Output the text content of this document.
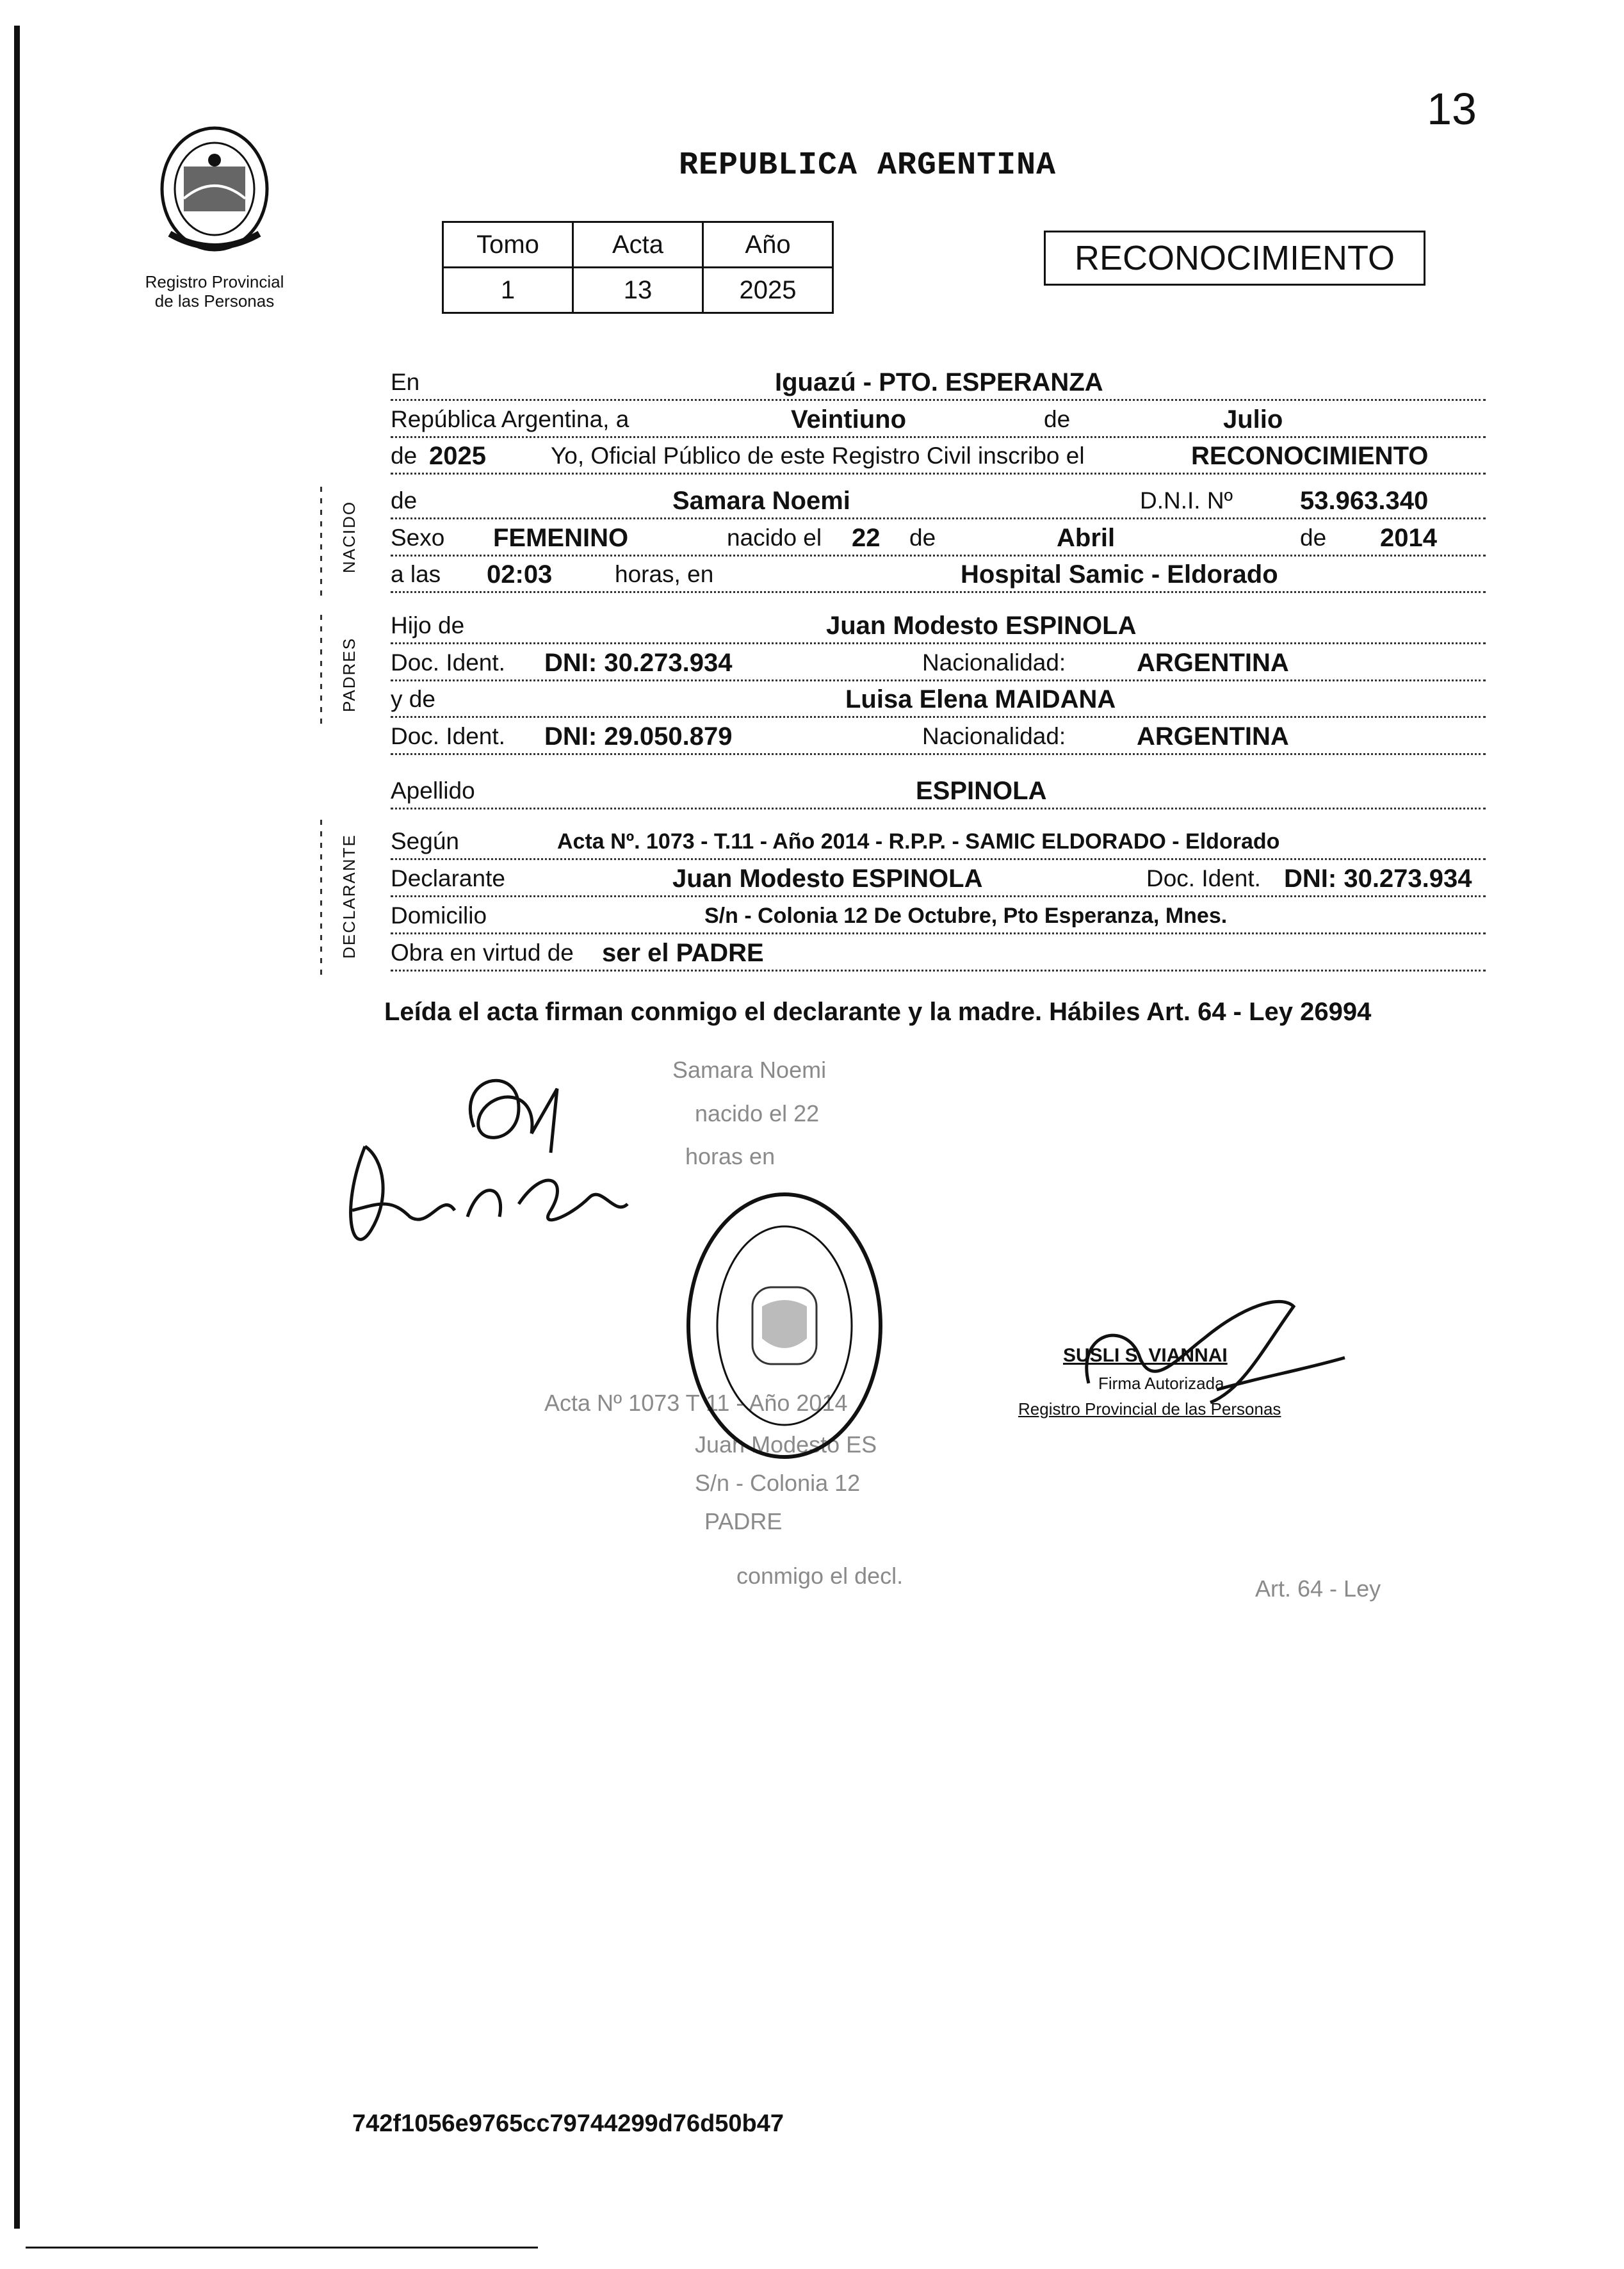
13
Registro Provincial
de las Personas
REPUBLICA ARGENTINA
Tomo	Acta	Año
1	13	2025
RECONOCIMIENTO
NACIDO
PADRES
DECLARANTE
En	Iguazú - PTO. ESPERANZA
República Argentina, a	Veintiuno	de	Julio
de 2025	Yo, Oficial Público de este Registro Civil inscribo el	RECONOCIMIENTO
de	Samara Noemi	D.N.I. Nº	53.963.340
Sexo FEMENINO	nacido el 22 de	Abril	de 2014
a las 02:03	horas, en	Hospital Samic - Eldorado
Hijo de	Juan Modesto ESPINOLA
Doc. Ident. DNI: 30.273.934	Nacionalidad:	ARGENTINA
y de	Luisa Elena MAIDANA
Doc. Ident. DNI: 29.050.879	Nacionalidad:	ARGENTINA
Apellido	ESPINOLA
Según	Acta Nº. 1073 - T.11 - Año 2014 - R.P.P. - SAMIC ELDORADO - Eldorado
Declarante	Juan Modesto ESPINOLA	Doc. Ident. DNI: 30.273.934
Domicilio	S/n - Colonia 12 De Octubre, Pto Esperanza, Mnes.
Obra en virtud de ser el PADRE
Leída el acta firman conmigo el declarante y la madre. Hábiles Art. 64 - Ley 26994
Samara Noemi
nacido el 22
horas en
Acta Nº 1073 T 11 - Año 2014
Juan Modesto ES
S/n - Colonia 12
PADRE
conmigo el decl.	Art. 64 - Ley
SUSLI S. VIANNAI
Firma Autorizada
Registro Provincial de las Personas
742f1056e9765cc79744299d76d50b47
